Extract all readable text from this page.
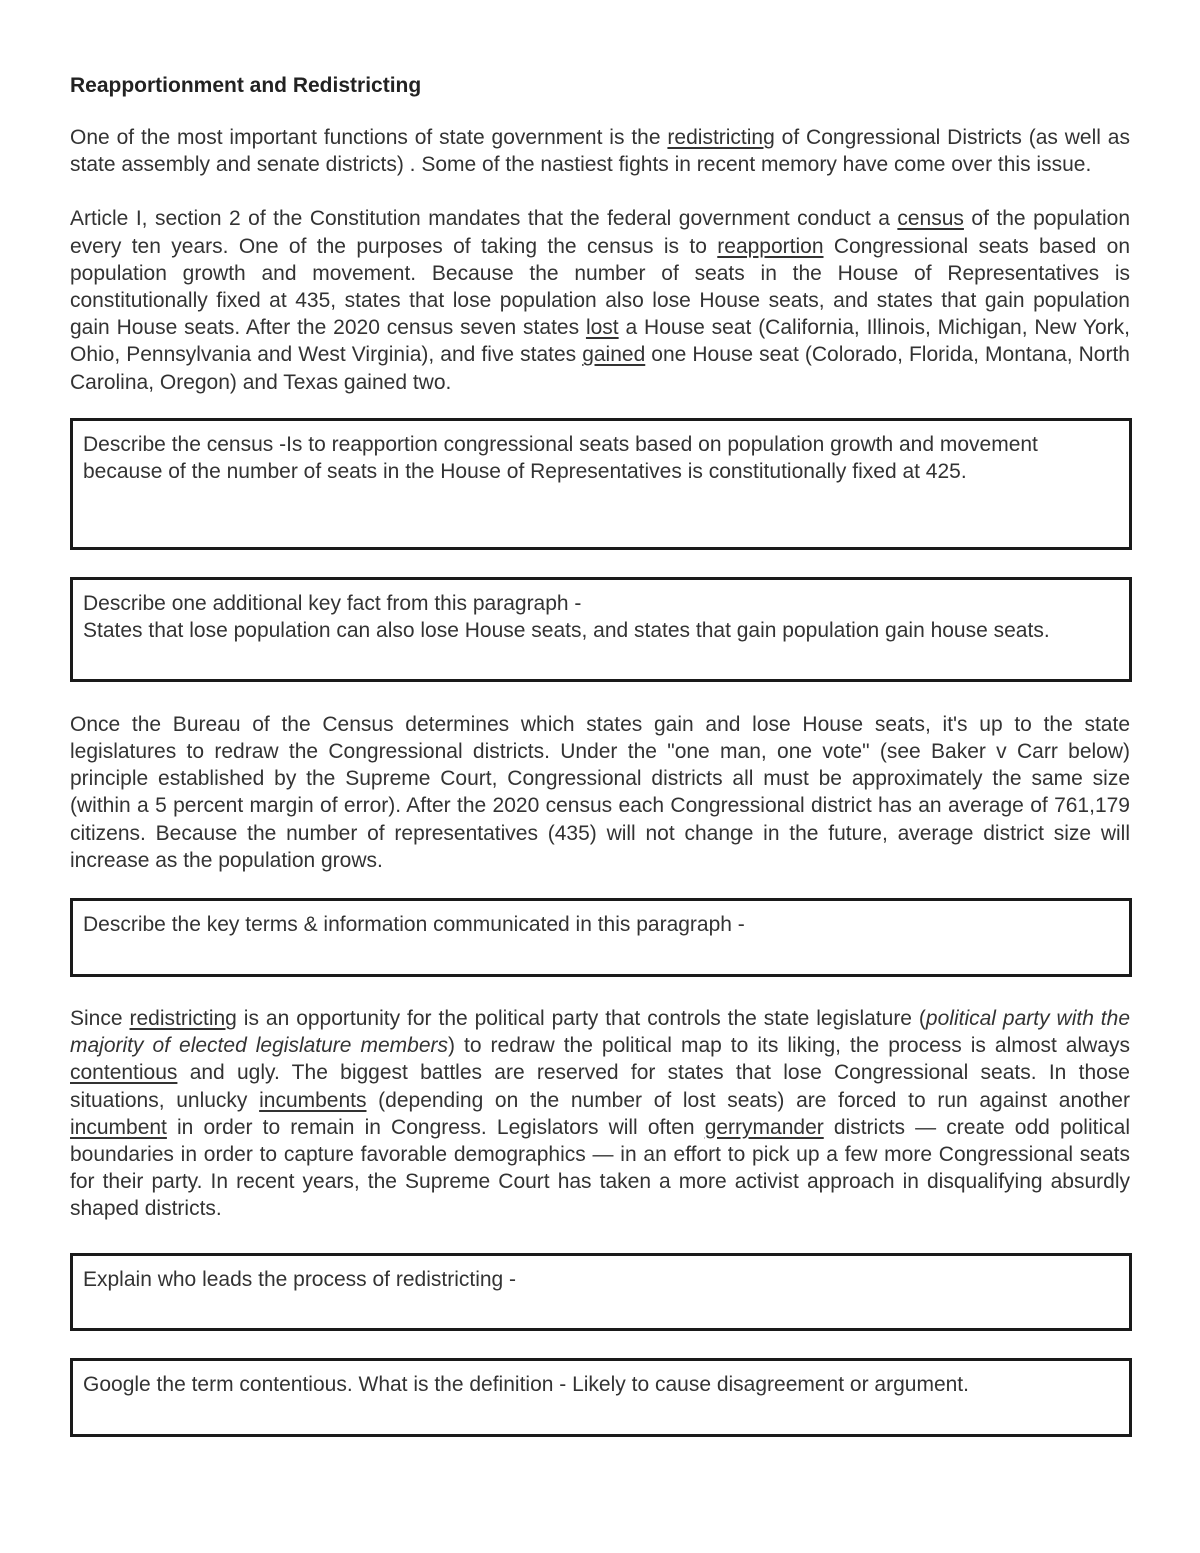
Reapportionment and Redistricting

One of the most important functions of state government is the redistricting of Congressional Districts (as well as state assembly and senate districts) . Some of the nastiest fights in recent memory have come over this issue.

Article I, section 2 of the Constitution mandates that the federal government conduct a census of the population every ten years. One of the purposes of taking the census is to reapportion Congressional seats based on population growth and movement. Because the number of seats in the House of Representatives is constitutionally fixed at 435, states that lose population also lose House seats, and states that gain population gain House seats. After the 2020 census seven states lost a House seat (California, Illinois, Michigan, New York, Ohio, Pennsylvania and West Virginia), and five states gained one House seat (Colorado, Florida, Montana, North Carolina, Oregon) and Texas gained two.

Describe the census -Is to reapportion congressional seats based on population growth and movement because of the number of seats in the House of Representatives is constitutionally fixed at 425.
Describe one additional key fact from this paragraph -
States that lose population can also lose House seats, and states that gain population gain house seats.

Once the Bureau of the Census determines which states gain and lose House seats, it's up to the state legislatures to redraw the Congressional districts. Under the "one man, one vote" (see Baker v Carr below) principle established by the Supreme Court, Congressional districts all must be approximately the same size (within a 5 percent margin of error). After the 2020 census each Congressional district has an average of 761,179 citizens. Because the number of representatives (435) will not change in the future, average district size will increase as the population grows.

Describe the key terms & information communicated in this paragraph -

Since redistricting is an opportunity for the political party that controls the state legislature (political party with the majority of elected legislature members) to redraw the political map to its liking, the process is almost always contentious and ugly. The biggest battles are reserved for states that lose Congressional seats. In those situations, unlucky incumbents (depending on the number of lost seats) are forced to run against another incumbent in order to remain in Congress. Legislators will often gerrymander districts — create odd political boundaries in order to capture favorable demographics — in an effort to pick up a few more Congressional seats for their party. In recent years, the Supreme Court has taken a more activist approach in disqualifying absurdly shaped districts.

Explain who leads the process of redistricting -
Google the term contentious. What is the definition - Likely to cause disagreement or argument.
